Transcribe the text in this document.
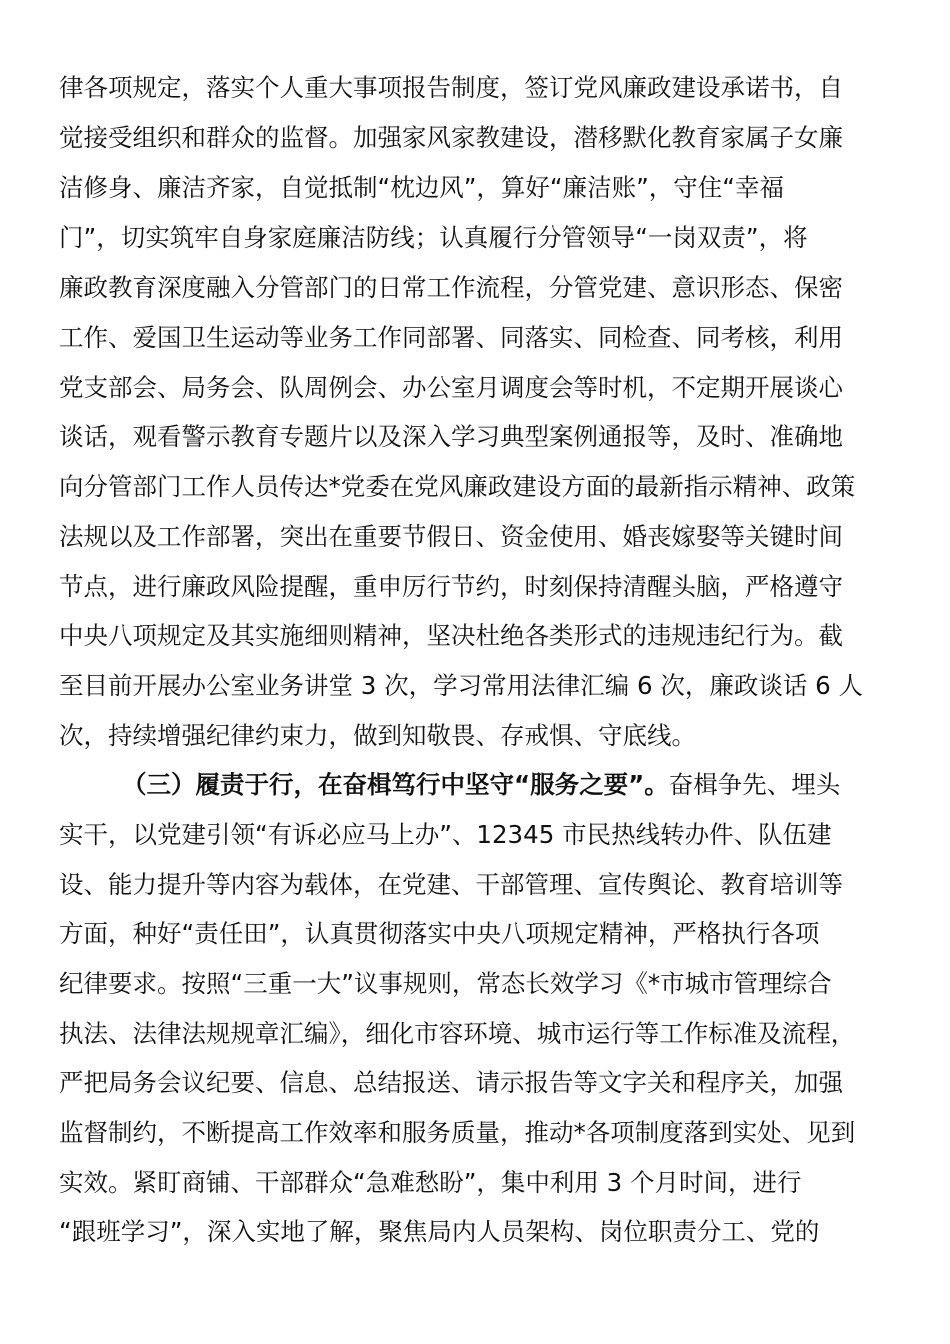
律各项规定，落实个人重大事项报告制度，签订党风廉政建设承诺书，自
觉接受组织和群众的监督。加强家风家教建设，潜移默化教育家属子女廉
洁修身、廉洁齐家，自觉抵制“枕边风”，算好“廉洁账”，守住“幸福
门”，切实筑牢自身家庭廉洁防线；认真履行分管领导“一岗双责”，将
廉政教育深度融入分管部门的日常工作流程，分管党建、意识形态、保密
工作、爱国卫生运动等业务工作同部署、同落实、同检查、同考核，利用
党支部会、局务会、队周例会、办公室月调度会等时机，不定期开展谈心
谈话，观看警示教育专题片以及深入学习典型案例通报等，及时、准确地
向分管部门工作人员传达*党委在党风廉政建设方面的最新指示精神、政策
法规以及工作部署，突出在重要节假日、资金使用、婚丧嫁娶等关键时间
节点，进行廉政风险提醒，重申厉行节约，时刻保持清醒头脑，严格遵守
中央八项规定及其实施细则精神，坚决杜绝各类形式的违规违纪行为。截
至目前开展办公室业务讲堂 3 次，学习常用法律汇编 6 次，廉政谈话 6 人
次，持续增强纪律约束力，做到知敬畏、存戒惧、守底线。
（三）履责于行，在奋楫笃行中坚守“服务之要”。奋楫争先、埋头
实干，以党建引领“有诉必应马上办”、12345 市民热线转办件、队伍建
设、能力提升等内容为载体，在党建、干部管理、宣传舆论、教育培训等
方面，种好“责任田”，认真贯彻落实中央八项规定精神，严格执行各项
纪律要求。按照“三重一大”议事规则，常态长效学习《*市城市管理综合
执法、法律法规规章汇编》，细化市容环境、城市运行等工作标准及流程，
严把局务会议纪要、信息、总结报送、请示报告等文字关和程序关，加强
监督制约，不断提高工作效率和服务质量，推动*各项制度落到实处、见到
实效。紧盯商铺、干部群众“急难愁盼”，集中利用 3 个月时间，进行
“跟班学习”，深入实地了解，聚焦局内人员架构、岗位职责分工、党的
